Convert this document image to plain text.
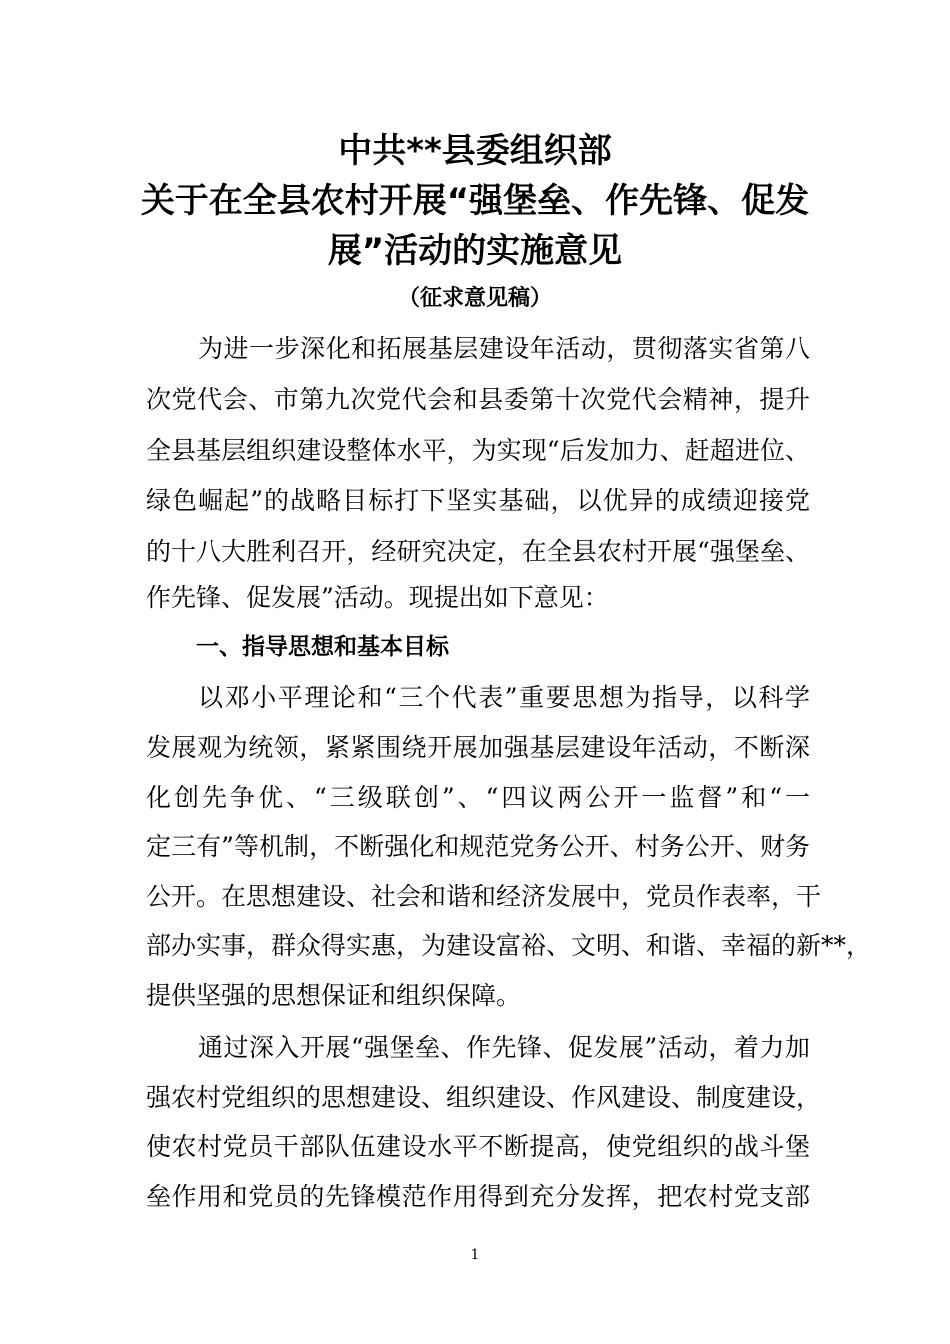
中共**县委组织部
关于在全县农村开展“强堡垒、作先锋、促发
展”活动的实施意见
（征求意见稿）
为进一步深化和拓展基层建设年活动，贯彻落实省第八
次党代会、市第九次党代会和县委第十次党代会精神，提升
全县基层组织建设整体水平，为实现“后发加力、赶超进位、
绿色崛起”的战略目标打下坚实基础，以优异的成绩迎接党
的十八大胜利召开，经研究决定，在全县农村开展“强堡垒、
作先锋、促发展”活动。现提出如下意见：
一、指导思想和基本目标
以邓小平理论和“三个代表”重要思想为指导，以科学
发展观为统领，紧紧围绕开展加强基层建设年活动，不断深
化创先争优、“三级联创”、“四议两公开一监督”和“一
定三有”等机制，不断强化和规范党务公开、村务公开、财务
公开。在思想建设、社会和谐和经济发展中，党员作表率，干
部办实事，群众得实惠，为建设富裕、文明、和谐、幸福的新**，
提供坚强的思想保证和组织保障。
通过深入开展“强堡垒、作先锋、促发展”活动，着力加
强农村党组织的思想建设、组织建设、作风建设、制度建设，
使农村党员干部队伍建设水平不断提高，使党组织的战斗堡
垒作用和党员的先锋模范作用得到充分发挥，把农村党支部
1
